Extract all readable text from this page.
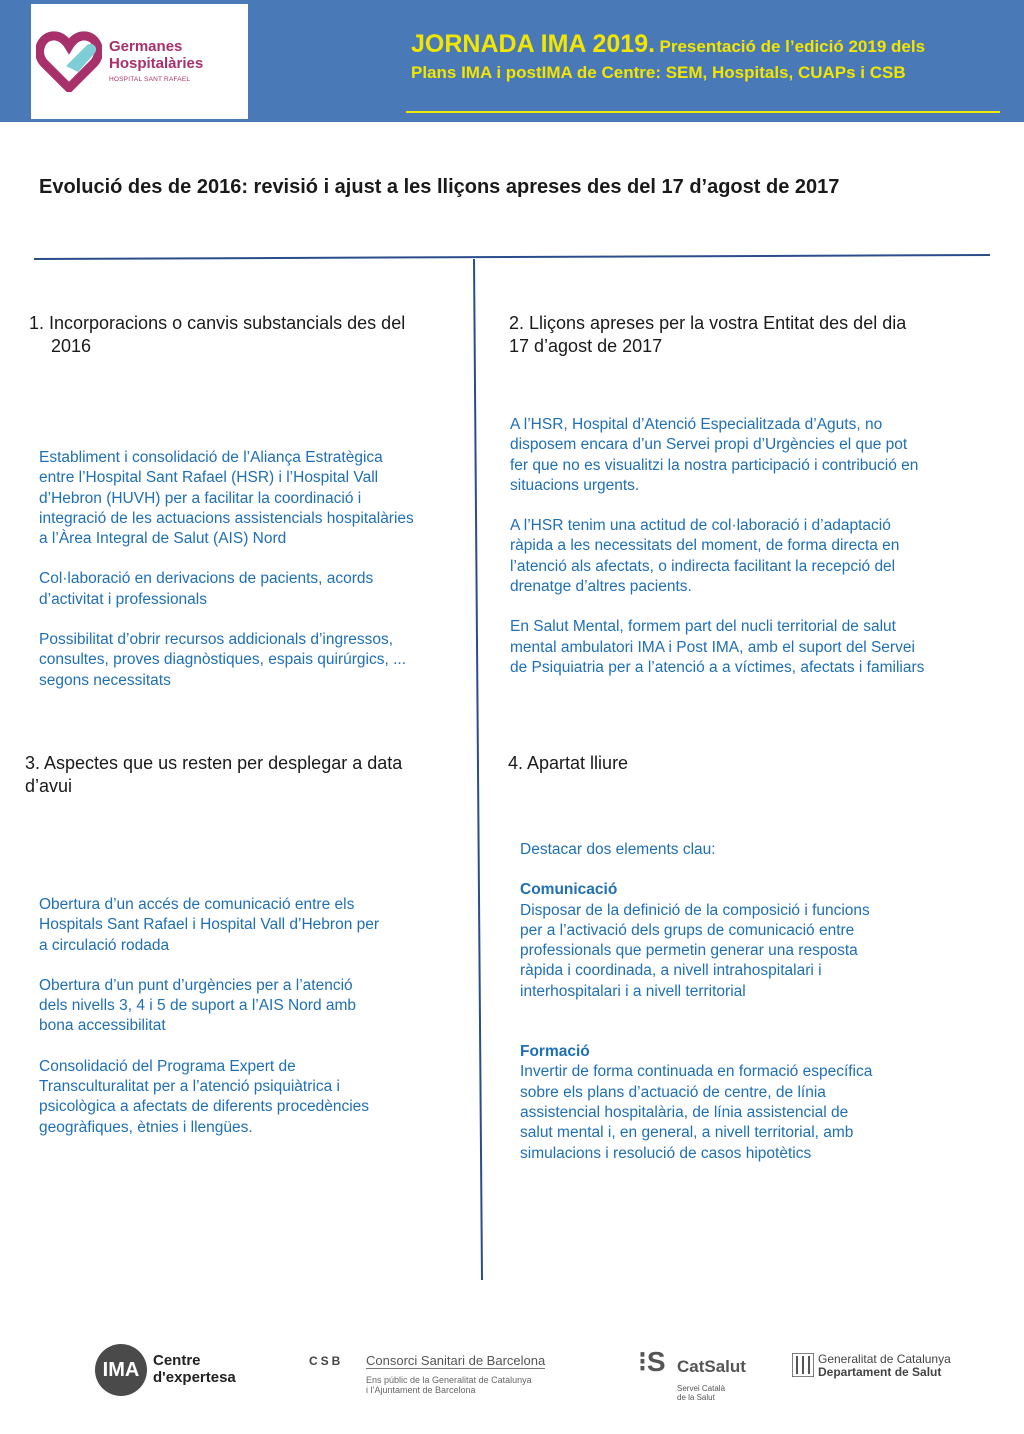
Germanes
Hospitalàries
HOSPITAL SANT RAFAEL
JORNADA IMA 2019. Presentació de l’edició 2019 dels
Plans IMA i postIMA de Centre: SEM, Hospitals, CUAPs i CSB
Evolució des de 2016: revisió i ajust a les lliçons apreses des del 17 d’agost de 2017
1. Incorporacions o canvis substancials des del
2016

Establiment i consolidació de l’Aliança Estratègica
entre l’Hospital Sant Rafael (HSR) i l’Hospital Vall
d’Hebron (HUVH) per a facilitar la coordinació i
integració de les actuacions assistencials hospitalàries
a l’Àrea Integral de Salut (AIS) Nord

Col·laboració en derivacions de pacients, acords
d’activitat i professionals

Possibilitat d’obrir recursos addicionals d’ingressos,
consultes, proves diagnòstiques, espais quirúrgics, ...
segons necessitats

2. Lliçons apreses per la vostra Entitat des del dia
17 d’agost de 2017

A l’HSR, Hospital d’Atenció Especialitzada d’Aguts, no
disposem encara d’un Servei propi d’Urgències el que pot
fer que no es visualitzi la nostra participació i contribució en
situacions urgents.

A l’HSR tenim una actitud de col·laboració i d’adaptació
ràpida a les necessitats del moment, de forma directa en
l’atenció als afectats, o indirecta facilitant la recepció del
drenatge d’altres pacients.

En Salut Mental, formem part del nucli territorial de salut
mental ambulatori IMA i Post IMA, amb el suport del Servei
de Psiquiatria per a l’atenció a a víctimes, afectats i familiars

3. Aspectes que us resten per desplegar a data
d’avui

Obertura d’un accés de comunicació entre els
Hospitals Sant Rafael i Hospital Vall d’Hebron per
a circulació rodada

Obertura d’un punt d’urgències per a l’atenció
dels nivells 3, 4 i 5 de suport a l’AIS Nord amb
bona accessibilitat

Consolidació del Programa Expert de
Transculturalitat per a l’atenció psiquiàtrica i
psicològica a afectats de diferents procedències
geogràfiques, ètnies i llengües.

4. Apartat lliure

Destacar dos elements clau:

Comunicació
Disposar de la definició de la composició i funcions
per a l’activació dels grups de comunicació entre
professionals que permetin generar una resposta
ràpida i coordinada, a nivell intrahospitalari i
interhospitalari i a nivell territorial
Formació
Invertir de forma continuada en formació específica
sobre els plans d’actuació de centre, de línia
assistencial hospitalària, de línia assistencial de
salut mental i, en general, a nivell territorial, amb
simulacions i resolució de casos hipotètics
IMA Centre
d'expertesa
CSB Consorci Sanitari de Barcelona
Ens públic de la Generalitat de Catalunya
i l’Ajuntament de Barcelona
⁝S CatSalut
Servei Català
de la Salut
Generalitat de Catalunya
Departament de Salut
